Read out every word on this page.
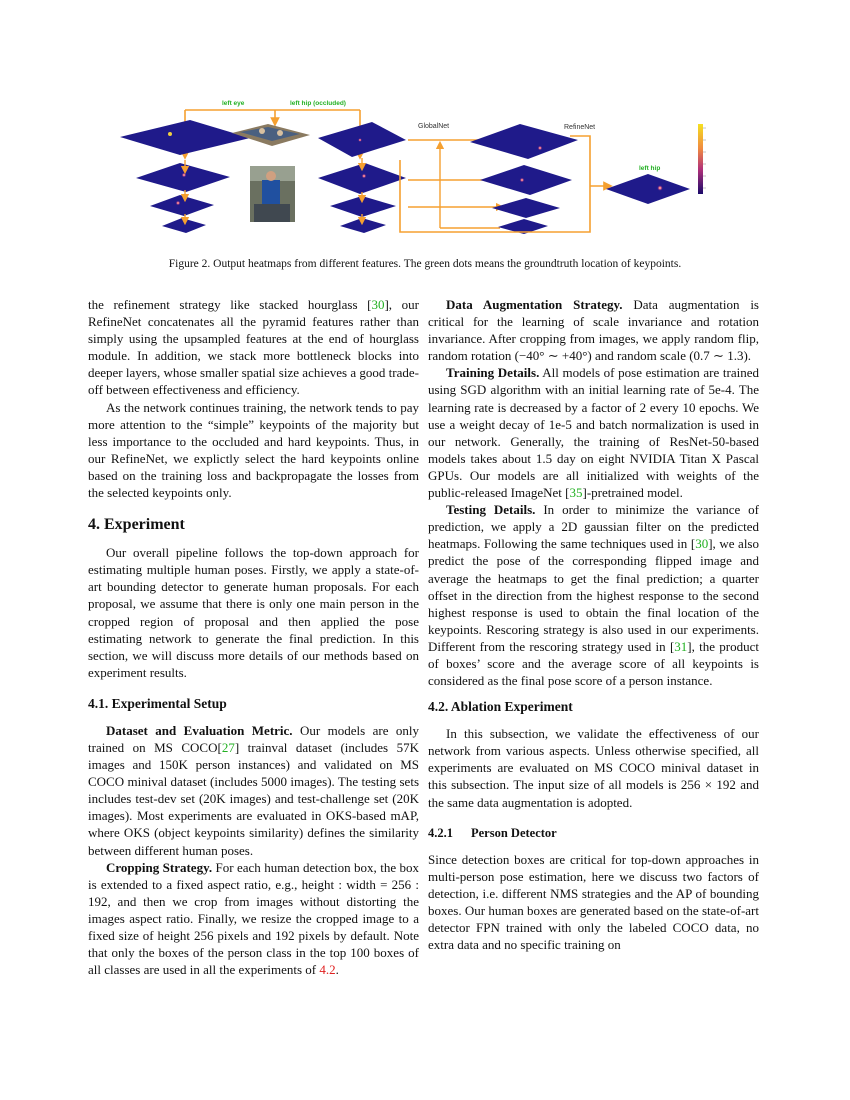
left eye	left hip (occluded)
GlobalNet	RefineNet
left hip
Figure 2. Output heatmaps from different features. The green dots means the groundtruth location of keypoints.

the refinement strategy like stacked hourglass [30], our RefineNet concatenates all the pyramid features rather than simply using the upsampled features at the end of hourglass module. In addition, we stack more bottleneck blocks into deeper layers, whose smaller spatial size achieves a good trade-off between effectiveness and efficiency.

As the network continues training, the network tends to pay more attention to the “simple” keypoints of the majority but less importance to the occluded and hard keypoints. Thus, in our RefineNet, we explictly select the hard keypoints online based on the training loss and backpropagate the losses from the selected keypoints only.

4. Experiment

Our overall pipeline follows the top-down approach for estimating multiple human poses. Firstly, we apply a state-of-art bounding detector to generate human proposals. For each proposal, we assume that there is only one main person in the cropped region of proposal and then applied the pose estimating network to generate the final prediction. In this section, we will discuss more details of our methods based on experiment results.

4.1. Experimental Setup

Dataset and Evaluation Metric. Our models are only trained on MS COCO[27] trainval dataset (includes 57K images and 150K person instances) and validated on MS COCO minival dataset (includes 5000 images). The testing sets includes test-dev set (20K images) and test-challenge set (20K images). Most experiments are evaluated in OKS-based mAP, where OKS (object keypoints similarity) defines the similarity between different human poses.

Cropping Strategy. For each human detection box, the box is extended to a fixed aspect ratio, e.g., height : width = 256 : 192, and then we crop from images without distorting the images aspect ratio. Finally, we resize the cropped image to a fixed size of height 256 pixels and 192 pixels by default. Note that only the boxes of the person class in the top 100 boxes of all classes are used in all the experiments of 4.2.

Data Augmentation Strategy. Data augmentation is critical for the learning of scale invariance and rotation invariance. After cropping from images, we apply random flip, random rotation (−40° ∼ +40°) and random scale (0.7 ∼ 1.3).

Training Details. All models of pose estimation are trained using SGD algorithm with an initial learning rate of 5e-4. The learning rate is decreased by a factor of 2 every 10 epochs. We use a weight decay of 1e-5 and batch normalization is used in our network. Generally, the training of ResNet-50-based models takes about 1.5 day on eight NVIDIA Titan X Pascal GPUs. Our models are all initialized with weights of the public-released ImageNet [35]-pretrained model.

Testing Details. In order to minimize the variance of prediction, we apply a 2D gaussian filter on the predicted heatmaps. Following the same techniques used in [30], we also predict the pose of the corresponding flipped image and average the heatmaps to get the final prediction; a quarter offset in the direction from the highest response to the second highest response is used to obtain the final location of the keypoints. Rescoring strategy is also used in our experiments. Different from the rescoring strategy used in [31], the product of boxes’ score and the average score of all keypoints is considered as the final pose score of a person instance.

4.2. Ablation Experiment

In this subsection, we validate the effectiveness of our network from various aspects. Unless otherwise specified, all experiments are evaluated on MS COCO minival dataset in this subsection. The input size of all models is 256 × 192 and the same data augmentation is adopted.

4.2.1 Person Detector

Since detection boxes are critical for top-down approaches in multi-person pose estimation, here we discuss two factors of detection, i.e. different NMS strategies and the AP of bounding boxes. Our human boxes are generated based on the state-of-art detector FPN trained with only the labeled COCO data, no extra data and no specific training on
